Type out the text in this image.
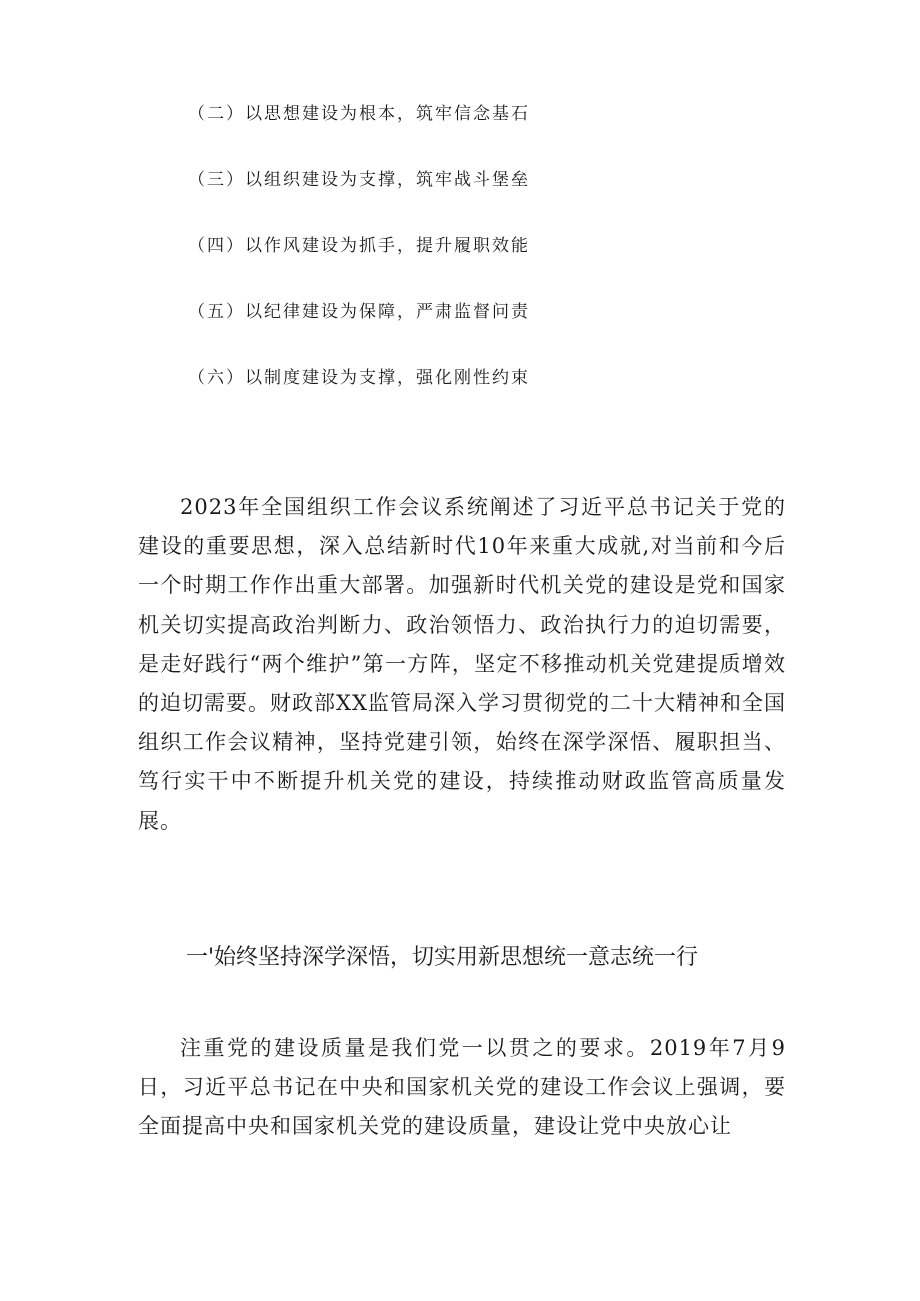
（二）以思想建设为根本，筑牢信念基石
（三）以组织建设为支撑，筑牢战斗堡垒
（四）以作风建设为抓手，提升履职效能
（五）以纪律建设为保障，严肃监督问责
（六）以制度建设为支撑，强化刚性约束

2023年全国组织工作会议系统阐述了习近平总书记关于党的建设的重要思想，深入总结新时代10年来重大成就,对当前和今后一个时期工作作出重大部署。加强新时代机关党的建设是党和国家机关切实提高政治判断力、政治领悟力、政治执行力的迫切需要，是走好践行“两个维护”第一方阵，坚定不移推动机关党建提质增效的迫切需要。财政部XX监管局深入学习贯彻党的二十大精神和全国组织工作会议精神，坚持党建引领，始终在深学深悟、履职担当、笃行实干中不断提升机关党的建设，持续推动财政监管高质量发展。

一'始终坚持深学深悟，切实用新思想统一意志统一行

注重党的建设质量是我们党一以贯之的要求。2019年7月9日，习近平总书记在中央和国家机关党的建设工作会议上强调，要全面提高中央和国家机关党的建设质量，建设让党中央放心让
